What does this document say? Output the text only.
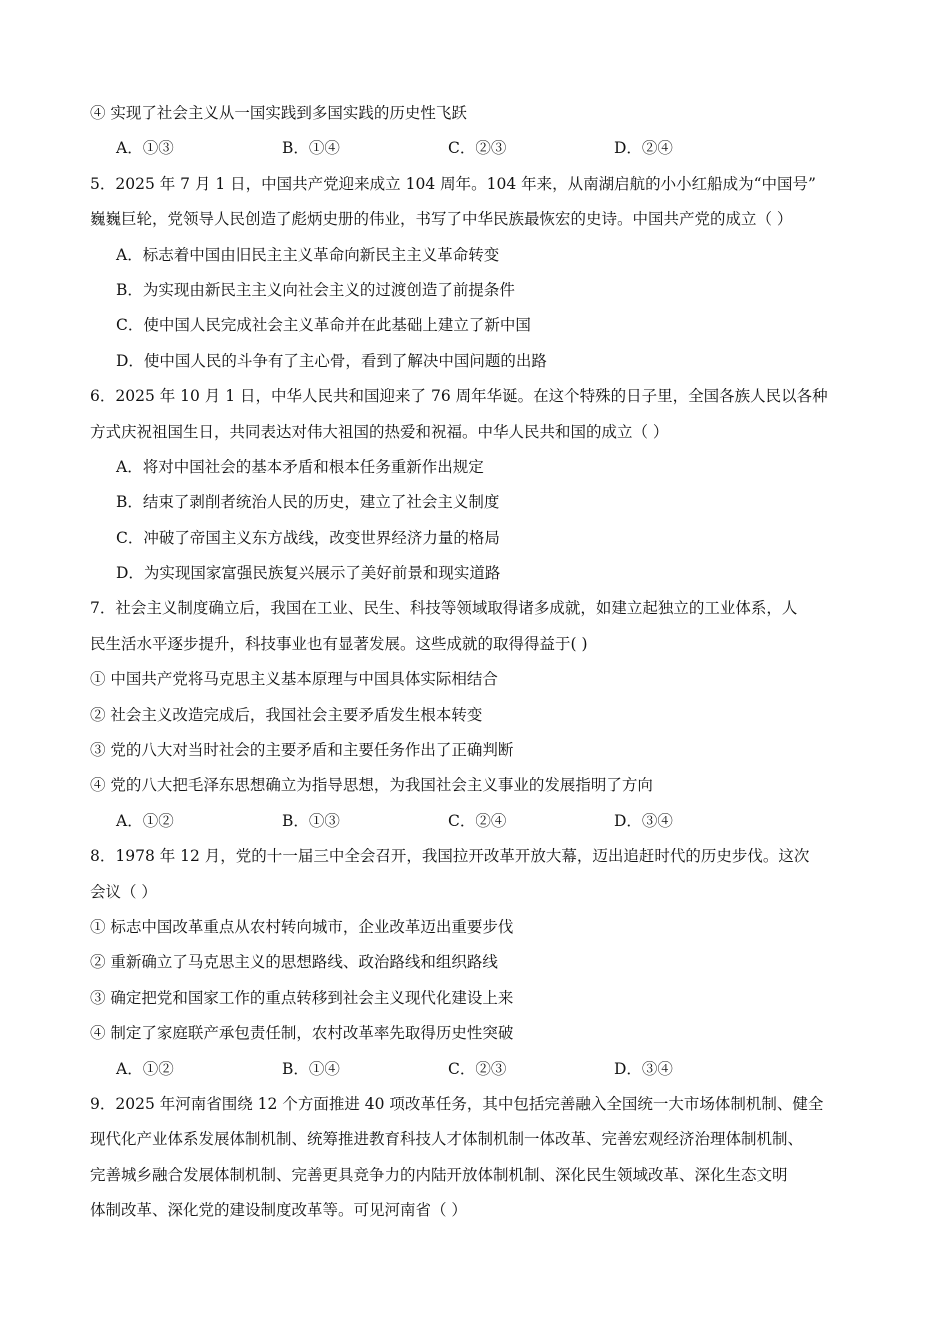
④ 实现了社会主义从一国实践到多国实践的历史性飞跃
A．①③	B．①④	C．②③	D．②④
5．2025 年 7 月 1 日，中国共产党迎来成立 104 周年。104 年来，从南湖启航的小小红船成为“中国号”
巍巍巨轮，党领导人民创造了彪炳史册的伟业，书写了中华民族最恢宏的史诗。中国共产党的成立（ ）
A．标志着中国由旧民主主义革命向新民主主义革命转变
B．为实现由新民主主义向社会主义的过渡创造了前提条件
C．使中国人民完成社会主义革命并在此基础上建立了新中国
D．使中国人民的斗争有了主心骨，看到了解决中国问题的出路
6．2025 年 10 月 1 日，中华人民共和国迎来了 76 周年华诞。在这个特殊的日子里，全国各族人民以各种
方式庆祝祖国生日，共同表达对伟大祖国的热爱和祝福。中华人民共和国的成立（ ）
A．将对中国社会的基本矛盾和根本任务重新作出规定
B．结束了剥削者统治人民的历史，建立了社会主义制度
C．冲破了帝国主义东方战线，改变世界经济力量的格局
D．为实现国家富强民族复兴展示了美好前景和现实道路
7．社会主义制度确立后，我国在工业、民生、科技等领域取得诸多成就，如建立起独立的工业体系，人
民生活水平逐步提升，科技事业也有显著发展。这些成就的取得得益于( )
① 中国共产党将马克思主义基本原理与中国具体实际相结合
② 社会主义改造完成后，我国社会主要矛盾发生根本转变
③ 党的八大对当时社会的主要矛盾和主要任务作出了正确判断
④ 党的八大把毛泽东思想确立为指导思想，为我国社会主义事业的发展指明了方向
A．①②	B．①③	C．②④	D．③④
8．1978 年 12 月，党的十一届三中全会召开，我国拉开改革开放大幕，迈出追赶时代的历史步伐。这次
会议（ ）
① 标志中国改革重点从农村转向城市，企业改革迈出重要步伐
② 重新确立了马克思主义的思想路线、政治路线和组织路线
③ 确定把党和国家工作的重点转移到社会主义现代化建设上来
④ 制定了家庭联产承包责任制，农村改革率先取得历史性突破
A．①②	B．①④	C．②③	D．③④
9．2025 年河南省围绕 12 个方面推进 40 项改革任务，其中包括完善融入全国统一大市场体制机制、健全
现代化产业体系发展体制机制、统筹推进教育科技人才体制机制一体改革、完善宏观经济治理体制机制、
完善城乡融合发展体制机制、完善更具竞争力的内陆开放体制机制、深化民生领域改革、深化生态文明
体制改革、深化党的建设制度改革等。可见河南省（ ）
